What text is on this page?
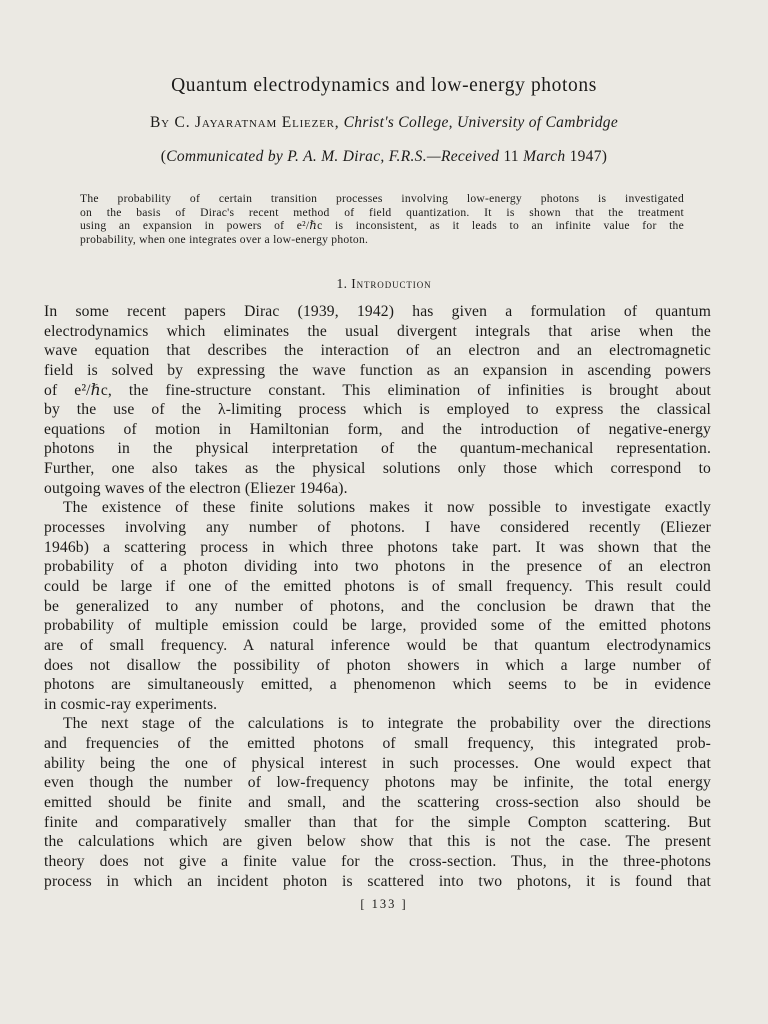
Quantum electrodynamics and low-energy photons
By C. Jayaratnam Eliezer, Christ's College, University of Cambridge
(Communicated by P. A. M. Dirac, F.R.S.—Received 11 March 1947)
The probability of certain transition processes involving low-energy photons is investigated
on the basis of Dirac's recent method of field quantization. It is shown that the treatment
using an expansion in powers of e²/ℏc is inconsistent, as it leads to an infinite value for the
probability, when one integrates over a low-energy photon.
1. Introduction
In some recent papers Dirac (1939, 1942) has given a formulation of quantum
electrodynamics which eliminates the usual divergent integrals that arise when the
wave equation that describes the interaction of an electron and an electromagnetic
field is solved by expressing the wave function as an expansion in ascending powers
of e²/ℏc, the fine-structure constant. This elimination of infinities is brought about
by the use of the λ-limiting process which is employed to express the classical
equations of motion in Hamiltonian form, and the introduction of negative-energy
photons in the physical interpretation of the quantum-mechanical representation.
Further, one also takes as the physical solutions only those which correspond to
outgoing waves of the electron (Eliezer 1946a).
The existence of these finite solutions makes it now possible to investigate exactly
processes involving any number of photons. I have considered recently (Eliezer
1946b) a scattering process in which three photons take part. It was shown that the
probability of a photon dividing into two photons in the presence of an electron
could be large if one of the emitted photons is of small frequency. This result could
be generalized to any number of photons, and the conclusion be drawn that the
probability of multiple emission could be large, provided some of the emitted photons
are of small frequency. A natural inference would be that quantum electrodynamics
does not disallow the possibility of photon showers in which a large number of
photons are simultaneously emitted, a phenomenon which seems to be in evidence
in cosmic-ray experiments.
The next stage of the calculations is to integrate the probability over the directions
and frequencies of the emitted photons of small frequency, this integrated prob-
ability being the one of physical interest in such processes. One would expect that
even though the number of low-frequency photons may be infinite, the total energy
emitted should be finite and small, and the scattering cross-section also should be
finite and comparatively smaller than that for the simple Compton scattering. But
the calculations which are given below show that this is not the case. The present
theory does not give a finite value for the cross-section. Thus, in the three-photons
process in which an incident photon is scattered into two photons, it is found that
[ 133 ]
